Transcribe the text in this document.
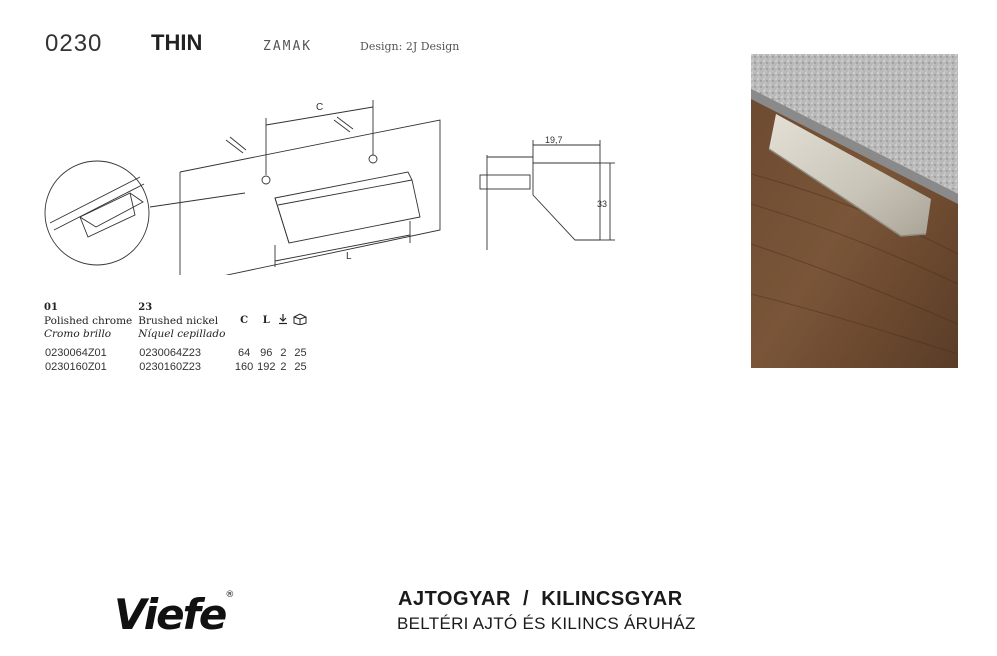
0230 THIN	ZAMAK	Design: 2J Design
C
L
19,7
33
01	23				
Polished chrome	Brushed nickel	C	L		
Cromo brillo	Níquel cepillado				
0230064Z01	0230064Z23	64	96	2	25
0230160Z01	0230160Z23	160	192	2	25
Viefe®	AJTOGYAR  /  KILINCSGYAR
BELTÉRI AJTÓ ÉS KILINCS ÁRUHÁZ
